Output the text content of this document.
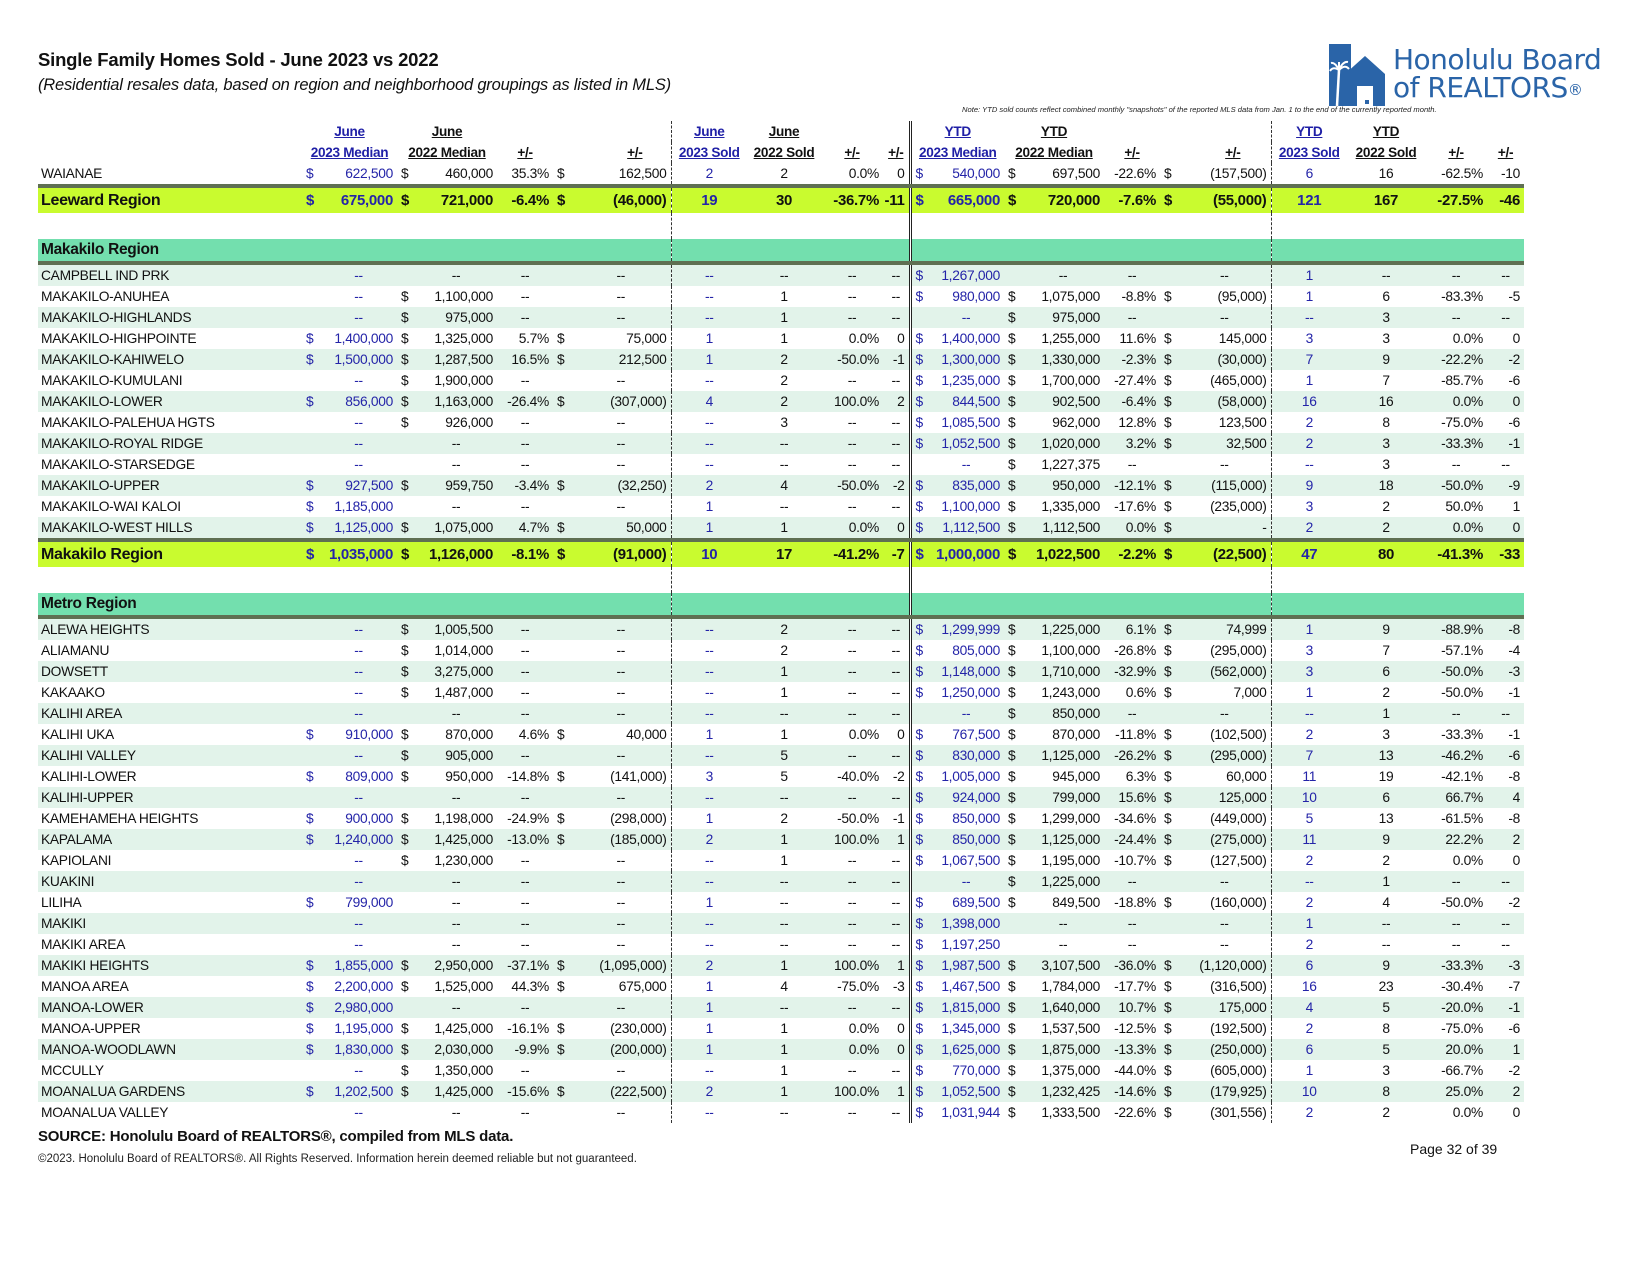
Single Family Homes Sold - June 2023 vs 2022
(Residential resales data, based on region and neighborhood groupings as listed in MLS)
Honolulu Board
of REALTORS®
Note: YTD sold counts reflect combined monthly "snapshots" of the reported MLS data from Jan. 1 to the end of the currently reported month.
	June		June					June	June			YTD		YTD					YTD	YTD		
	2023 Median		2022 Median		+/-	+/-		2023 Sold	2022 Sold	+/-	+/-	2023 Median		2022 Median		+/-	+/-		2023 Sold	2022 Sold	+/-	+/-
WAIANAE	$	622,500	$	460,000	35.3%	$	162,500	2	2	0.0%	0	$	540,000	$	697,500	-22.6%	$	(157,500)	6	16	-62.5%	-10
Leeward Region	$	675,000	$	721,000	-6.4%	$	(46,000)	19	30	-36.7%	-11	$	665,000	$	720,000	-7.6%	$	(55,000)	121	167	-27.5%	-46

Makakilo Region																						
CAMPBELL IND PRK		--		--	--		--	--	--	--	--	$	1,267,000		--	--		--	1	--	--	--
MAKAKILO-ANUHEA		--	$	1,100,000	--		--	--	1	--	--	$	980,000	$	1,075,000	-8.8%	$	(95,000)	1	6	-83.3%	-5
MAKAKILO-HIGHLANDS		--	$	975,000	--		--	--	1	--	--		--	$	975,000	--		--	--	3	--	--
MAKAKILO-HIGHPOINTE	$	1,400,000	$	1,325,000	5.7%	$	75,000	1	1	0.0%	0	$	1,400,000	$	1,255,000	11.6%	$	145,000	3	3	0.0%	0
MAKAKILO-KAHIWELO	$	1,500,000	$	1,287,500	16.5%	$	212,500	1	2	-50.0%	-1	$	1,300,000	$	1,330,000	-2.3%	$	(30,000)	7	9	-22.2%	-2
MAKAKILO-KUMULANI		--	$	1,900,000	--		--	--	2	--	--	$	1,235,000	$	1,700,000	-27.4%	$	(465,000)	1	7	-85.7%	-6
MAKAKILO-LOWER	$	856,000	$	1,163,000	-26.4%	$	(307,000)	4	2	100.0%	2	$	844,500	$	902,500	-6.4%	$	(58,000)	16	16	0.0%	0
MAKAKILO-PALEHUA HGTS		--	$	926,000	--		--	--	3	--	--	$	1,085,500	$	962,000	12.8%	$	123,500	2	8	-75.0%	-6
MAKAKILO-ROYAL RIDGE		--		--	--		--	--	--	--	--	$	1,052,500	$	1,020,000	3.2%	$	32,500	2	3	-33.3%	-1
MAKAKILO-STARSEDGE		--		--	--		--	--	--	--	--		--	$	1,227,375	--		--	--	3	--	--
MAKAKILO-UPPER	$	927,500	$	959,750	-3.4%	$	(32,250)	2	4	-50.0%	-2	$	835,000	$	950,000	-12.1%	$	(115,000)	9	18	-50.0%	-9
MAKAKILO-WAI KALOI	$	1,185,000		--	--		--	1	--	--	--	$	1,100,000	$	1,335,000	-17.6%	$	(235,000)	3	2	50.0%	1
MAKAKILO-WEST HILLS	$	1,125,000	$	1,075,000	4.7%	$	50,000	1	1	0.0%	0	$	1,112,500	$	1,112,500	0.0%	$	-	2	2	0.0%	0
Makakilo Region	$	1,035,000	$	1,126,000	-8.1%	$	(91,000)	10	17	-41.2%	-7	$	1,000,000	$	1,022,500	-2.2%	$	(22,500)	47	80	-41.3%	-33

Metro Region																						
ALEWA HEIGHTS		--	$	1,005,500	--		--	--	2	--	--	$	1,299,999	$	1,225,000	6.1%	$	74,999	1	9	-88.9%	-8
ALIAMANU		--	$	1,014,000	--		--	--	2	--	--	$	805,000	$	1,100,000	-26.8%	$	(295,000)	3	7	-57.1%	-4
DOWSETT		--	$	3,275,000	--		--	--	1	--	--	$	1,148,000	$	1,710,000	-32.9%	$	(562,000)	3	6	-50.0%	-3
KAKAAKO		--	$	1,487,000	--		--	--	1	--	--	$	1,250,000	$	1,243,000	0.6%	$	7,000	1	2	-50.0%	-1
KALIHI AREA		--		--	--		--	--	--	--	--		--	$	850,000	--		--	--	1	--	--
KALIHI UKA	$	910,000	$	870,000	4.6%	$	40,000	1	1	0.0%	0	$	767,500	$	870,000	-11.8%	$	(102,500)	2	3	-33.3%	-1
KALIHI VALLEY		--	$	905,000	--		--	--	5	--	--	$	830,000	$	1,125,000	-26.2%	$	(295,000)	7	13	-46.2%	-6
KALIHI-LOWER	$	809,000	$	950,000	-14.8%	$	(141,000)	3	5	-40.0%	-2	$	1,005,000	$	945,000	6.3%	$	60,000	11	19	-42.1%	-8
KALIHI-UPPER		--		--	--		--	--	--	--	--	$	924,000	$	799,000	15.6%	$	125,000	10	6	66.7%	4
KAMEHAMEHA HEIGHTS	$	900,000	$	1,198,000	-24.9%	$	(298,000)	1	2	-50.0%	-1	$	850,000	$	1,299,000	-34.6%	$	(449,000)	5	13	-61.5%	-8
KAPALAMA	$	1,240,000	$	1,425,000	-13.0%	$	(185,000)	2	1	100.0%	1	$	850,000	$	1,125,000	-24.4%	$	(275,000)	11	9	22.2%	2
KAPIOLANI		--	$	1,230,000	--		--	--	1	--	--	$	1,067,500	$	1,195,000	-10.7%	$	(127,500)	2	2	0.0%	0
KUAKINI		--		--	--		--	--	--	--	--		--	$	1,225,000	--		--	--	1	--	--
LILIHA	$	799,000		--	--		--	1	--	--	--	$	689,500	$	849,500	-18.8%	$	(160,000)	2	4	-50.0%	-2
MAKIKI		--		--	--		--	--	--	--	--	$	1,398,000		--	--		--	1	--	--	--
MAKIKI AREA		--		--	--		--	--	--	--	--	$	1,197,250		--	--		--	2	--	--	--
MAKIKI HEIGHTS	$	1,855,000	$	2,950,000	-37.1%	$	(1,095,000)	2	1	100.0%	1	$	1,987,500	$	3,107,500	-36.0%	$	(1,120,000)	6	9	-33.3%	-3
MANOA AREA	$	2,200,000	$	1,525,000	44.3%	$	675,000	1	4	-75.0%	-3	$	1,467,500	$	1,784,000	-17.7%	$	(316,500)	16	23	-30.4%	-7
MANOA-LOWER	$	2,980,000		--	--		--	1	--	--	--	$	1,815,000	$	1,640,000	10.7%	$	175,000	4	5	-20.0%	-1
MANOA-UPPER	$	1,195,000	$	1,425,000	-16.1%	$	(230,000)	1	1	0.0%	0	$	1,345,000	$	1,537,500	-12.5%	$	(192,500)	2	8	-75.0%	-6
MANOA-WOODLAWN	$	1,830,000	$	2,030,000	-9.9%	$	(200,000)	1	1	0.0%	0	$	1,625,000	$	1,875,000	-13.3%	$	(250,000)	6	5	20.0%	1
MCCULLY		--	$	1,350,000	--		--	--	1	--	--	$	770,000	$	1,375,000	-44.0%	$	(605,000)	1	3	-66.7%	-2
MOANALUA GARDENS	$	1,202,500	$	1,425,000	-15.6%	$	(222,500)	2	1	100.0%	1	$	1,052,500	$	1,232,425	-14.6%	$	(179,925)	10	8	25.0%	2
MOANALUA VALLEY		--		--	--		--	--	--	--	--	$	1,031,944	$	1,333,500	-22.6%	$	(301,556)	2	2	0.0%	0
SOURCE: Honolulu Board of REALTORS®, compiled from MLS data.
©2023. Honolulu Board of REALTORS®. All Rights Reserved. Information herein deemed reliable but not guaranteed.
Page 32 of 39
